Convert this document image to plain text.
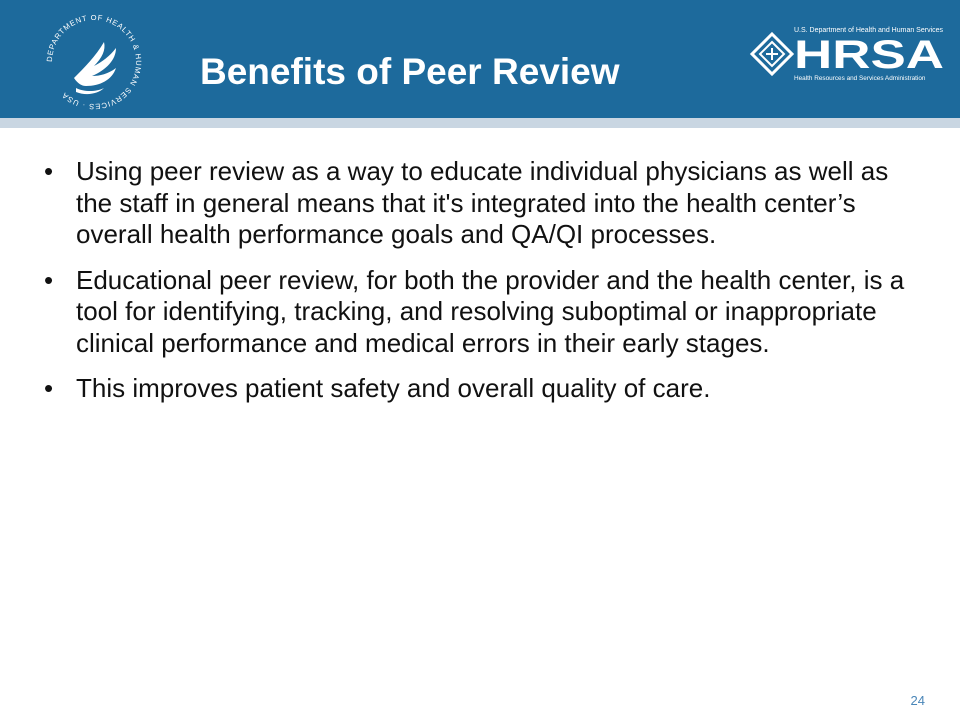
DEPARTMENT OF HEALTH & HUMAN SERVICES · USA
Benefits of Peer Review
U.S. Department of Health and Human Services
HRSA
Health Resources and Services Administration
• Using peer review as a way to educate individual physicians as well as the staff in general means that it's integrated into the health center’s overall health performance goals and QA/QI processes.
• Educational peer review, for both the provider and the health center, is a tool for identifying, tracking, and resolving suboptimal or inappropriate clinical performance and medical errors in their early stages.
• This improves patient safety and overall quality of care.
24
